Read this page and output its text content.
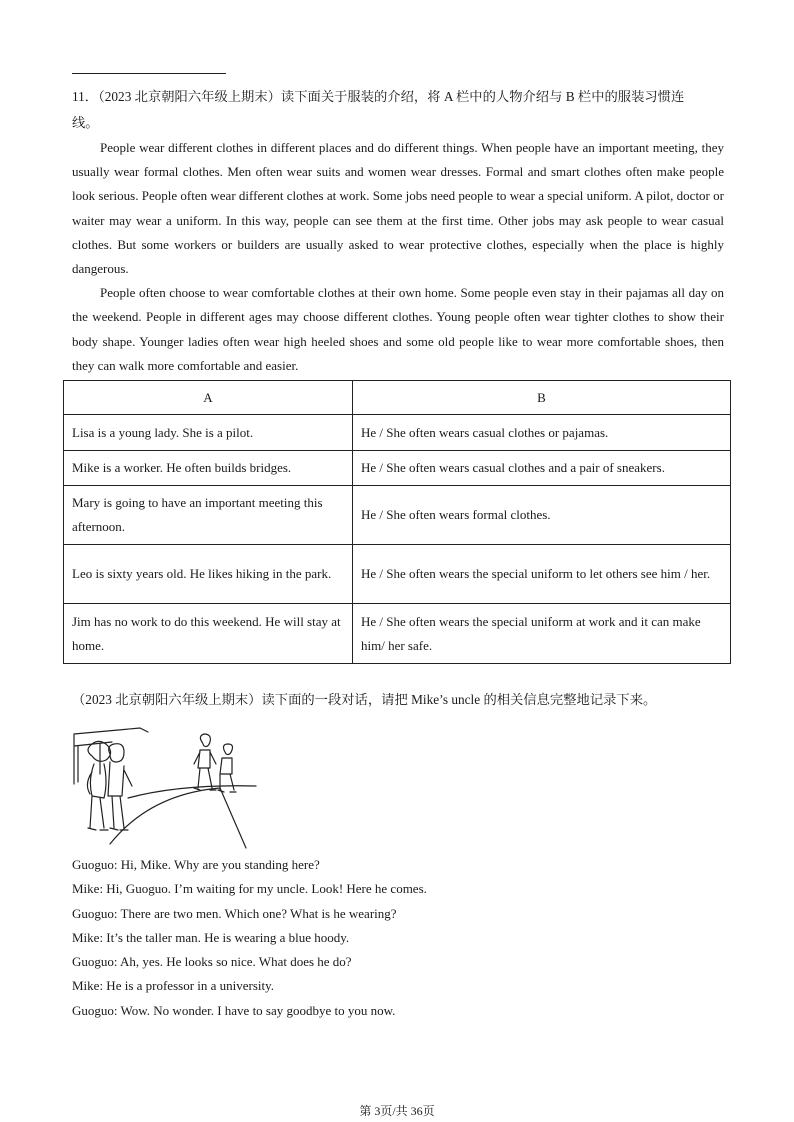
11．（2023 北京朝阳六年级上期末）读下面关于服装的介绍，将 A 栏中的人物介绍与 B 栏中的服装习惯连
线。

People wear different clothes in different places and do different things. When people have an important meeting, they usually wear formal clothes. Men often wear suits and women wear dresses. Formal and smart clothes often make people look serious. People often wear different clothes at work. Some jobs need people to wear a special uniform. A pilot, doctor or waiter may wear a uniform. In this way, people can see them at the first time. Other jobs may ask people to wear casual clothes. But some workers or builders are usually asked to wear protective clothes, especially when the place is highly dangerous.

People often choose to wear comfortable clothes at their own home. Some people even stay in their pajamas all day on the weekend. People in different ages may choose different clothes. Young people often wear tighter clothes to show their body shape. Younger ladies often wear high heeled shoes and some old people like to wear more comfortable shoes, then they can walk more comfortable and easier.

A	B
Lisa is a young lady. She is a pilot.	He / She often wears casual clothes or pajamas.
Mike is a worker. He often builds bridges.	He / She often wears casual clothes and a pair of sneakers.
Mary is going to have an important meeting this afternoon.	He / She often wears formal clothes.
Leo is sixty years old. He likes hiking in the park.	He / She often wears the special uniform to let others see him / her.
Jim has no work to do this weekend. He will stay at home.	He / She often wears the special uniform at work and it can make him/ her safe.
（2023 北京朝阳六年级上期末）读下面的一段对话，请把 Mike’s uncle 的相关信息完整地记录下来。
Guoguo: Hi, Mike. Why are you standing here?
Mike: Hi, Guoguo. I’m waiting for my uncle. Look! Here he comes.
Guoguo: There are two men. Which one? What is he wearing?
Mike: It’s the taller man. He is wearing a blue hoody.
Guoguo: Ah, yes. He looks so nice. What does he do?
Mike: He is a professor in a university.
Guoguo: Wow. No wonder. I have to say goodbye to you now.
第 3页/共 36页
